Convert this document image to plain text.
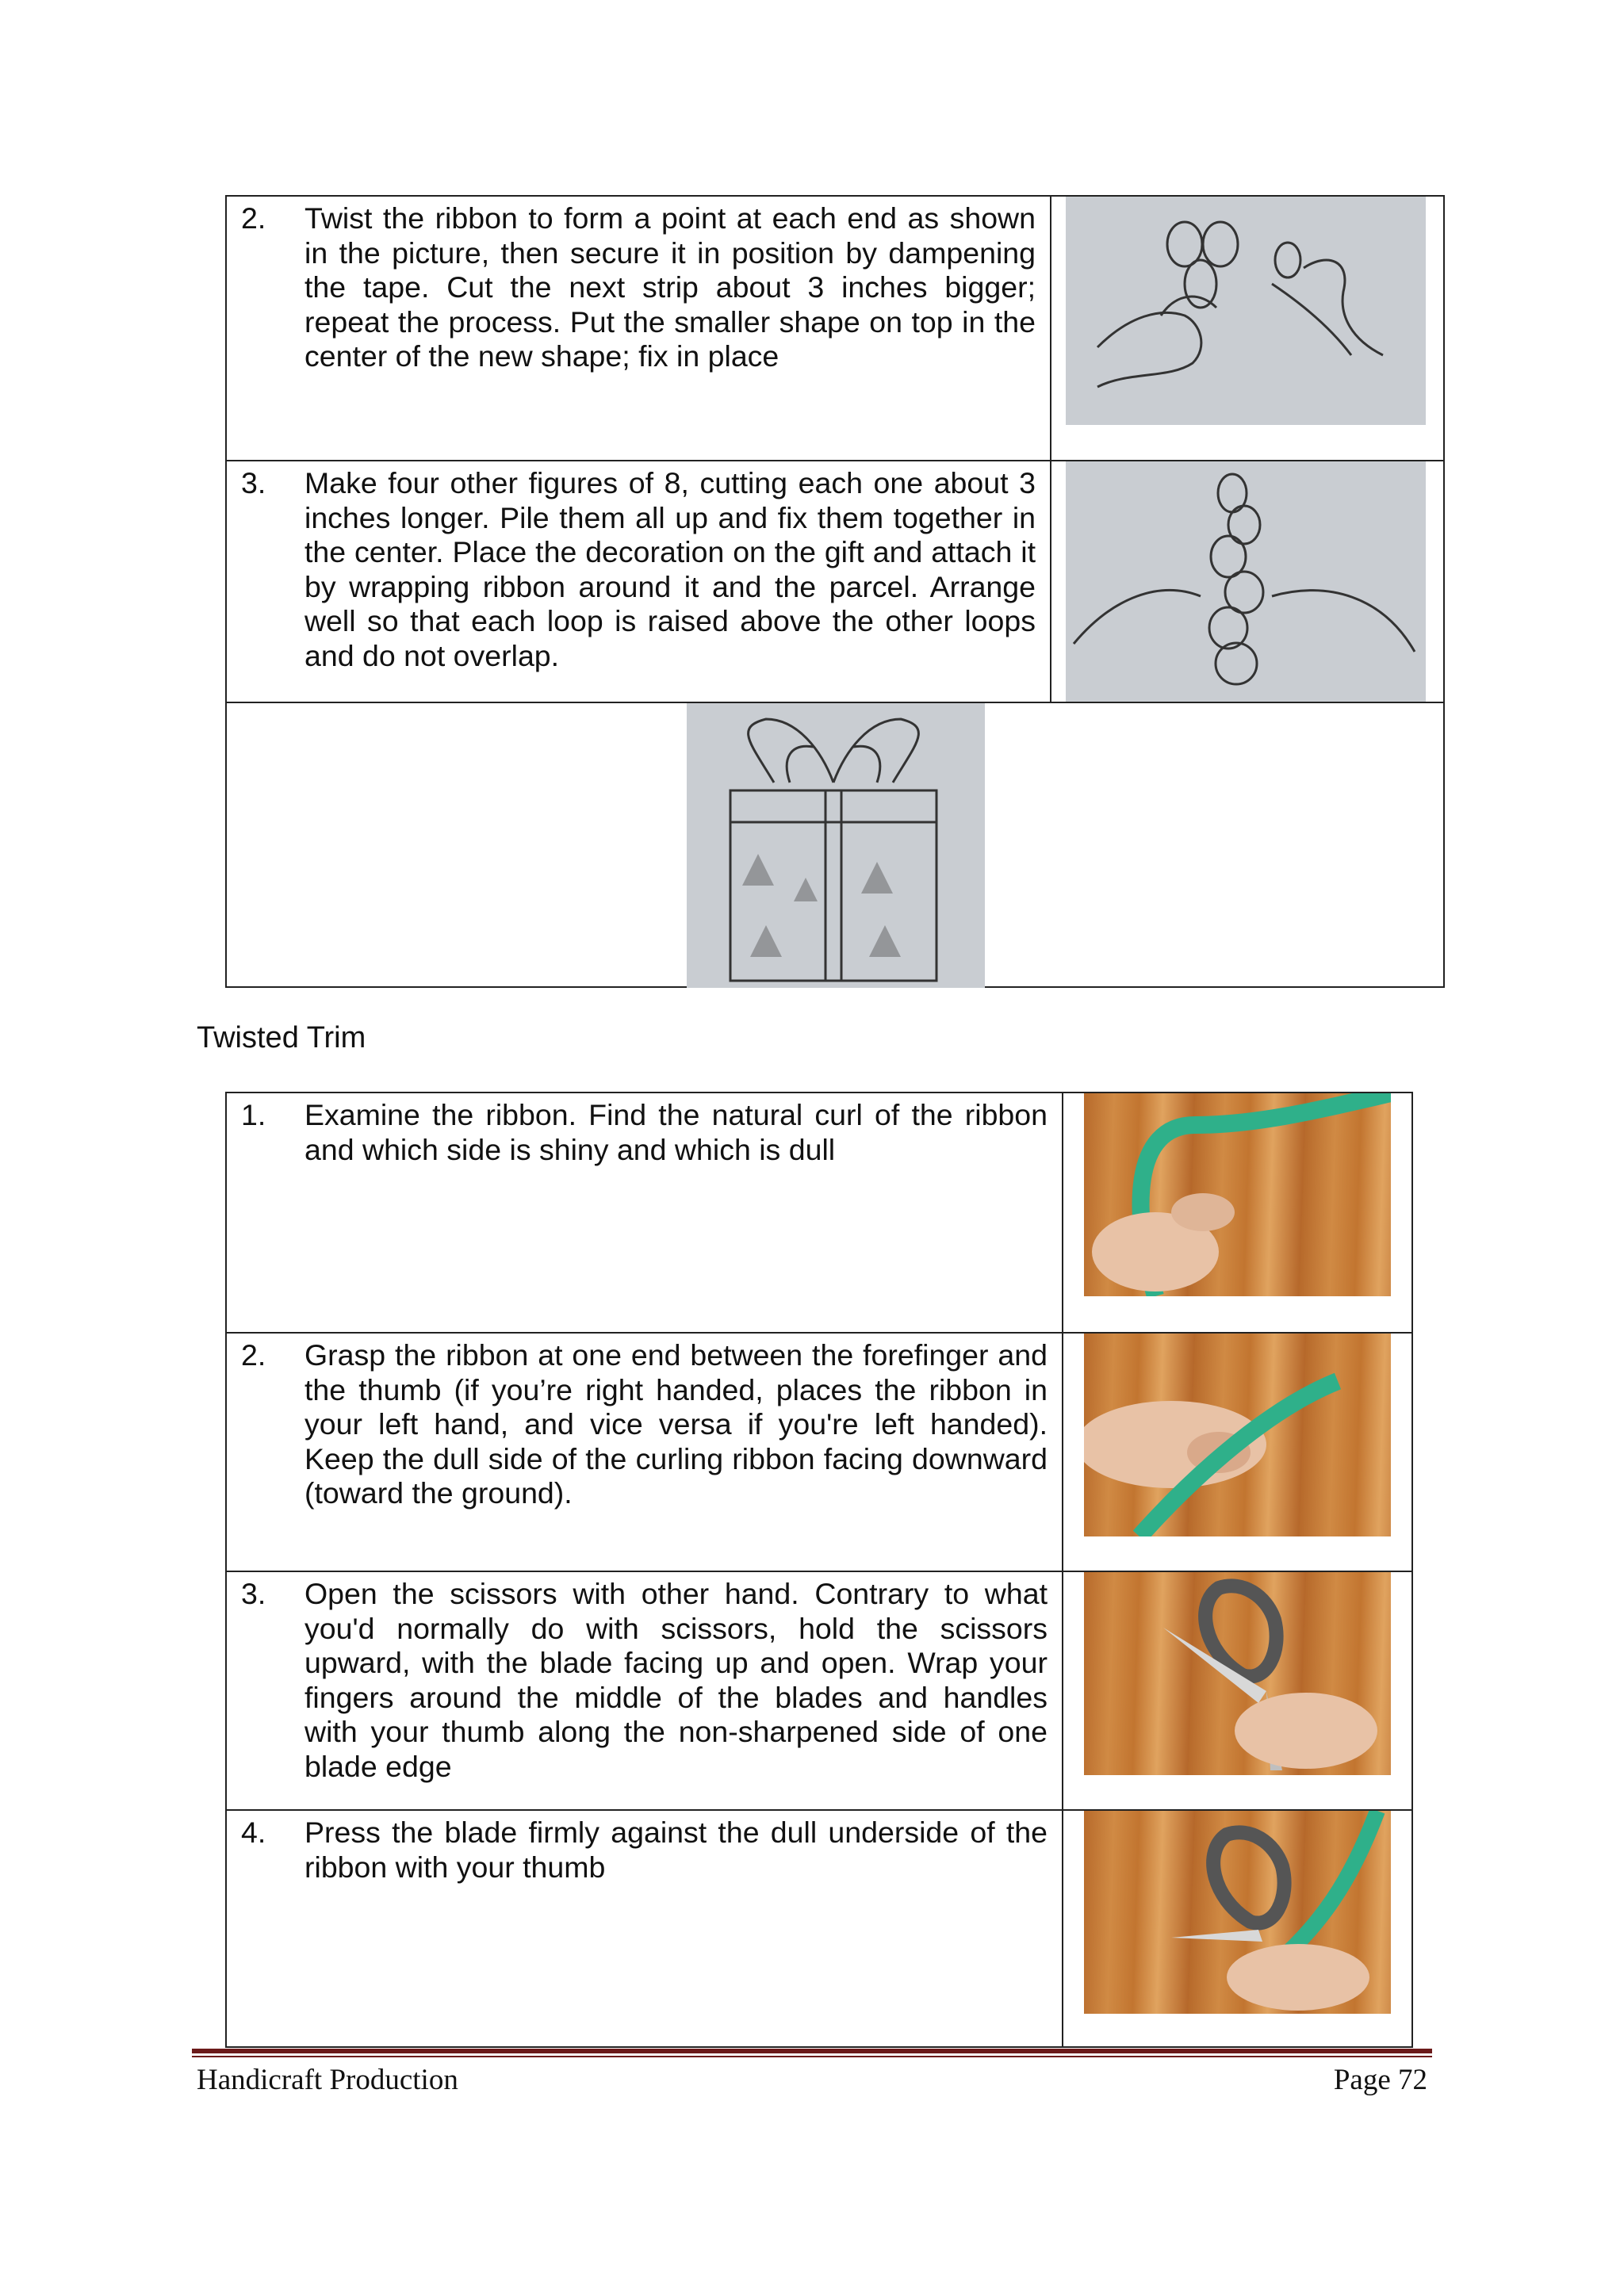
2.	Twist the ribbon to form a point at each end as shown in the picture, then secure it in position by dampening the tape. Cut the next strip about 3 inches bigger; repeat the process. Put the smaller shape on top in the center of the new shape; fix in place
3.	Make four other figures of 8, cutting each one about 3 inches longer. Pile them all up and fix them together in the center. Place the decoration on the gift and attach it by wrapping ribbon around it and the parcel. Arrange well so that each loop is raised above the other loops and do not overlap.
Twisted Trim
1.	Examine the ribbon. Find the natural curl of the ribbon and which side is shiny and which is dull
2.	Grasp the ribbon at one end between the forefinger and the thumb (if you’re right handed, places the ribbon in your left hand, and vice versa if you're left handed). Keep the dull side of the curling ribbon facing downward (toward the ground).
3.	Open the scissors with other hand. Contrary to what you'd normally do with scissors, hold the scissors upward, with the blade facing up and open. Wrap your fingers around the middle of the blades and handles with your thumb along the non-sharpened side of one blade edge
4.	Press the blade firmly against the dull underside of the ribbon with your thumb
Handicraft Production	Page 72
